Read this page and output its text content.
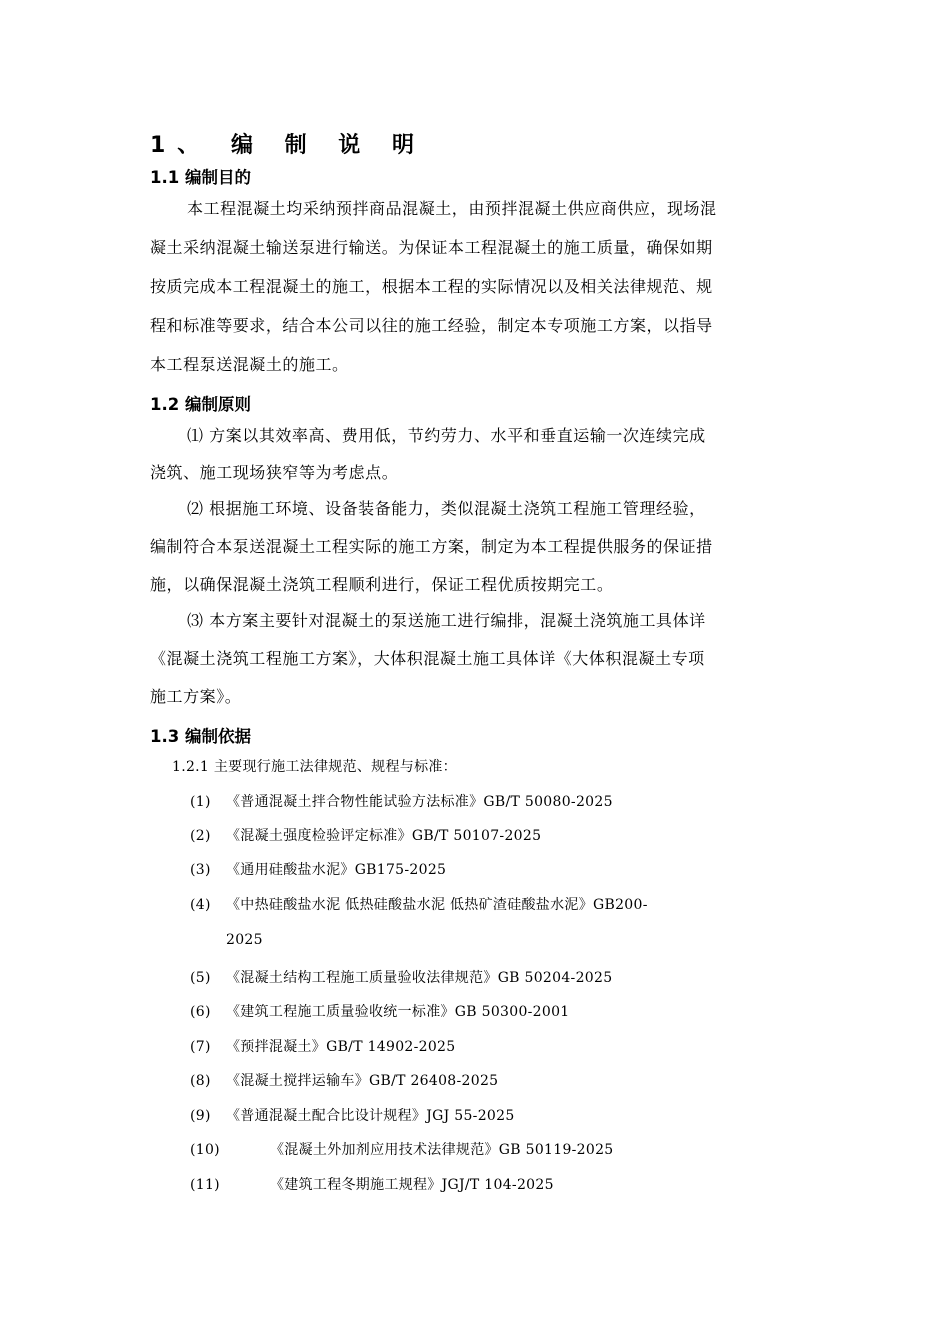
1、 编 制 说 明
1.1 编制目的
本工程混凝土均采纳预拌商品混凝土，由预拌混凝土供应商供应，现场混
凝土采纳混凝土输送泵进行输送。为保证本工程混凝土的施工质量，确保如期
按质完成本工程混凝土的施工，根据本工程的实际情况以及相关法律规范、规
程和标准等要求，结合本公司以往的施工经验，制定本专项施工方案，以指导
本工程泵送混凝土的施工。
1.2 编制原则
⑴ 方案以其效率高、费用低，节约劳力、水平和垂直运输一次连续完成
浇筑、施工现场狭窄等为考虑点。
⑵ 根据施工环境、设备装备能力，类似混凝土浇筑工程施工管理经验，
编制符合本泵送混凝土工程实际的施工方案，制定为本工程提供服务的保证措
施，以确保混凝土浇筑工程顺利进行，保证工程优质按期完工。
⑶ 本方案主要针对混凝土的泵送施工进行编排，混凝土浇筑施工具体详
《混凝土浇筑工程施工方案》，大体积混凝土施工具体详《大体积混凝土专项
施工方案》。
1.3 编制依据
1.2.1 主要现行施工法律规范、规程与标准：
(1) 《普通混凝土拌合物性能试验方法标准》GB/T 50080-2025
(2) 《混凝土强度检验评定标准》GB/T 50107-2025
(3) 《通用硅酸盐水泥》GB175-2025
(4) 《中热硅酸盐水泥 低热硅酸盐水泥 低热矿渣硅酸盐水泥》GB200-
2025
(5) 《混凝土结构工程施工质量验收法律规范》GB 50204-2025
(6) 《建筑工程施工质量验收统一标准》GB 50300-2001
(7) 《预拌混凝土》GB/T 14902-2025
(8) 《混凝土搅拌运输车》GB/T 26408-2025
(9) 《普通混凝土配合比设计规程》JGJ 55-2025
(10)	《混凝土外加剂应用技术法律规范》GB 50119-2025
(11)	《建筑工程冬期施工规程》JGJ/T 104-2025
